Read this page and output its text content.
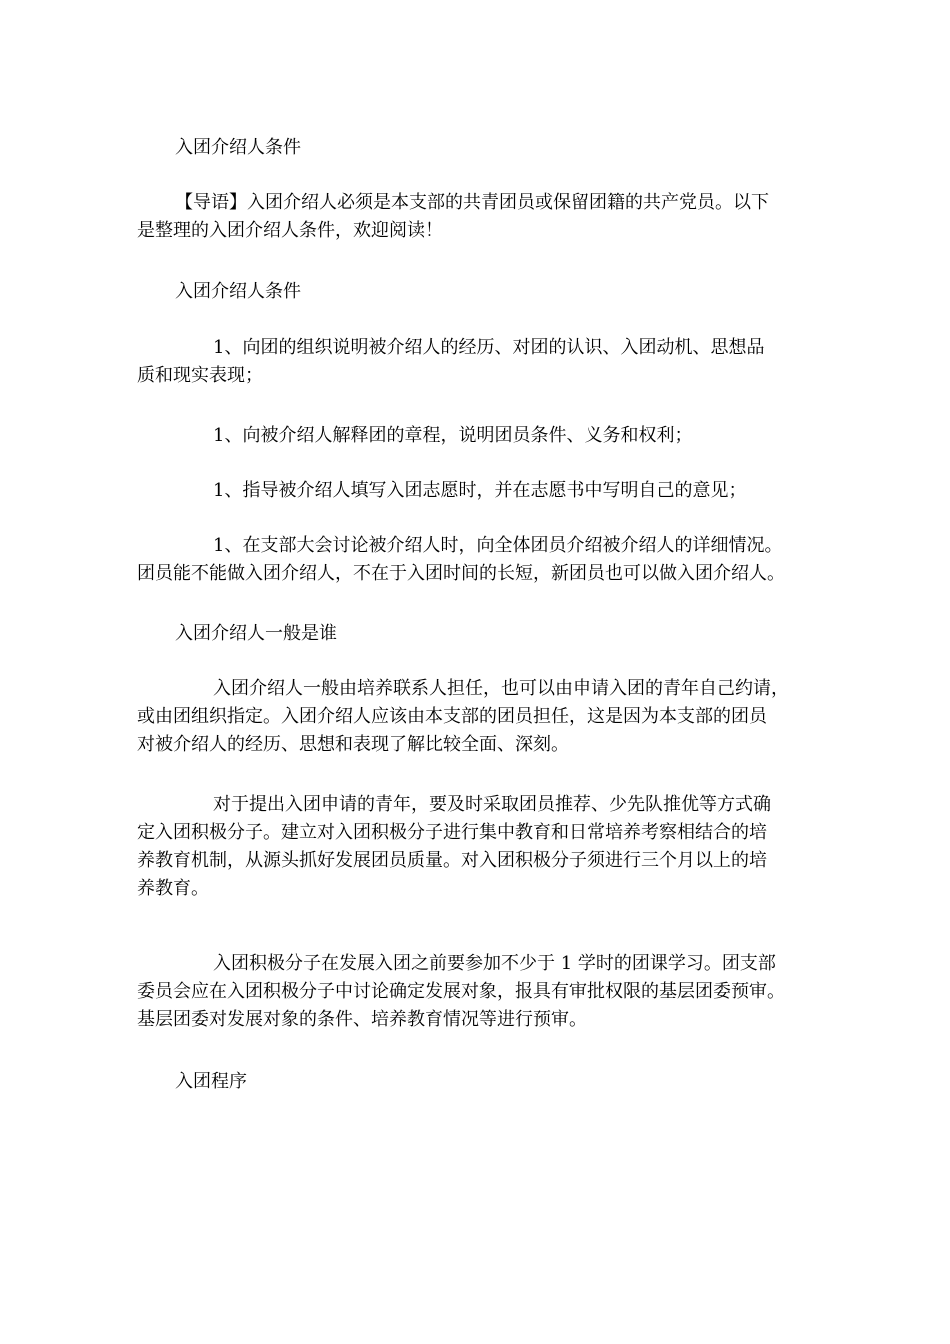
入团介绍人条件
【导语】入团介绍人必须是本支部的共青团员或保留团籍的共产党员。以下
是整理的入团介绍人条件，欢迎阅读！
入团介绍人条件
1、向团的组织说明被介绍人的经历、对团的认识、入团动机、思想品
质和现实表现；
1、向被介绍人解释团的章程，说明团员条件、义务和权利；
1、指导被介绍人填写入团志愿时，并在志愿书中写明自己的意见；
1、在支部大会讨论被介绍人时，向全体团员介绍被介绍人的详细情况。
团员能不能做入团介绍人，不在于入团时间的长短，新团员也可以做入团介绍人。
入团介绍人一般是谁
入团介绍人一般由培养联系人担任，也可以由申请入团的青年自己约请，
或由团组织指定。入团介绍人应该由本支部的团员担任，这是因为本支部的团员
对被介绍人的经历、思想和表现了解比较全面、深刻。
对于提出入团申请的青年，要及时采取团员推荐、少先队推优等方式确
定入团积极分子。建立对入团积极分子进行集中教育和日常培养考察相结合的培
养教育机制，从源头抓好发展团员质量。对入团积极分子须进行三个月以上的培
养教育。
入团积极分子在发展入团之前要参加不少于 1 学时的团课学习。团支部
委员会应在入团积极分子中讨论确定发展对象，报具有审批权限的基层团委预审。
基层团委对发展对象的条件、培养教育情况等进行预审。
入团程序
